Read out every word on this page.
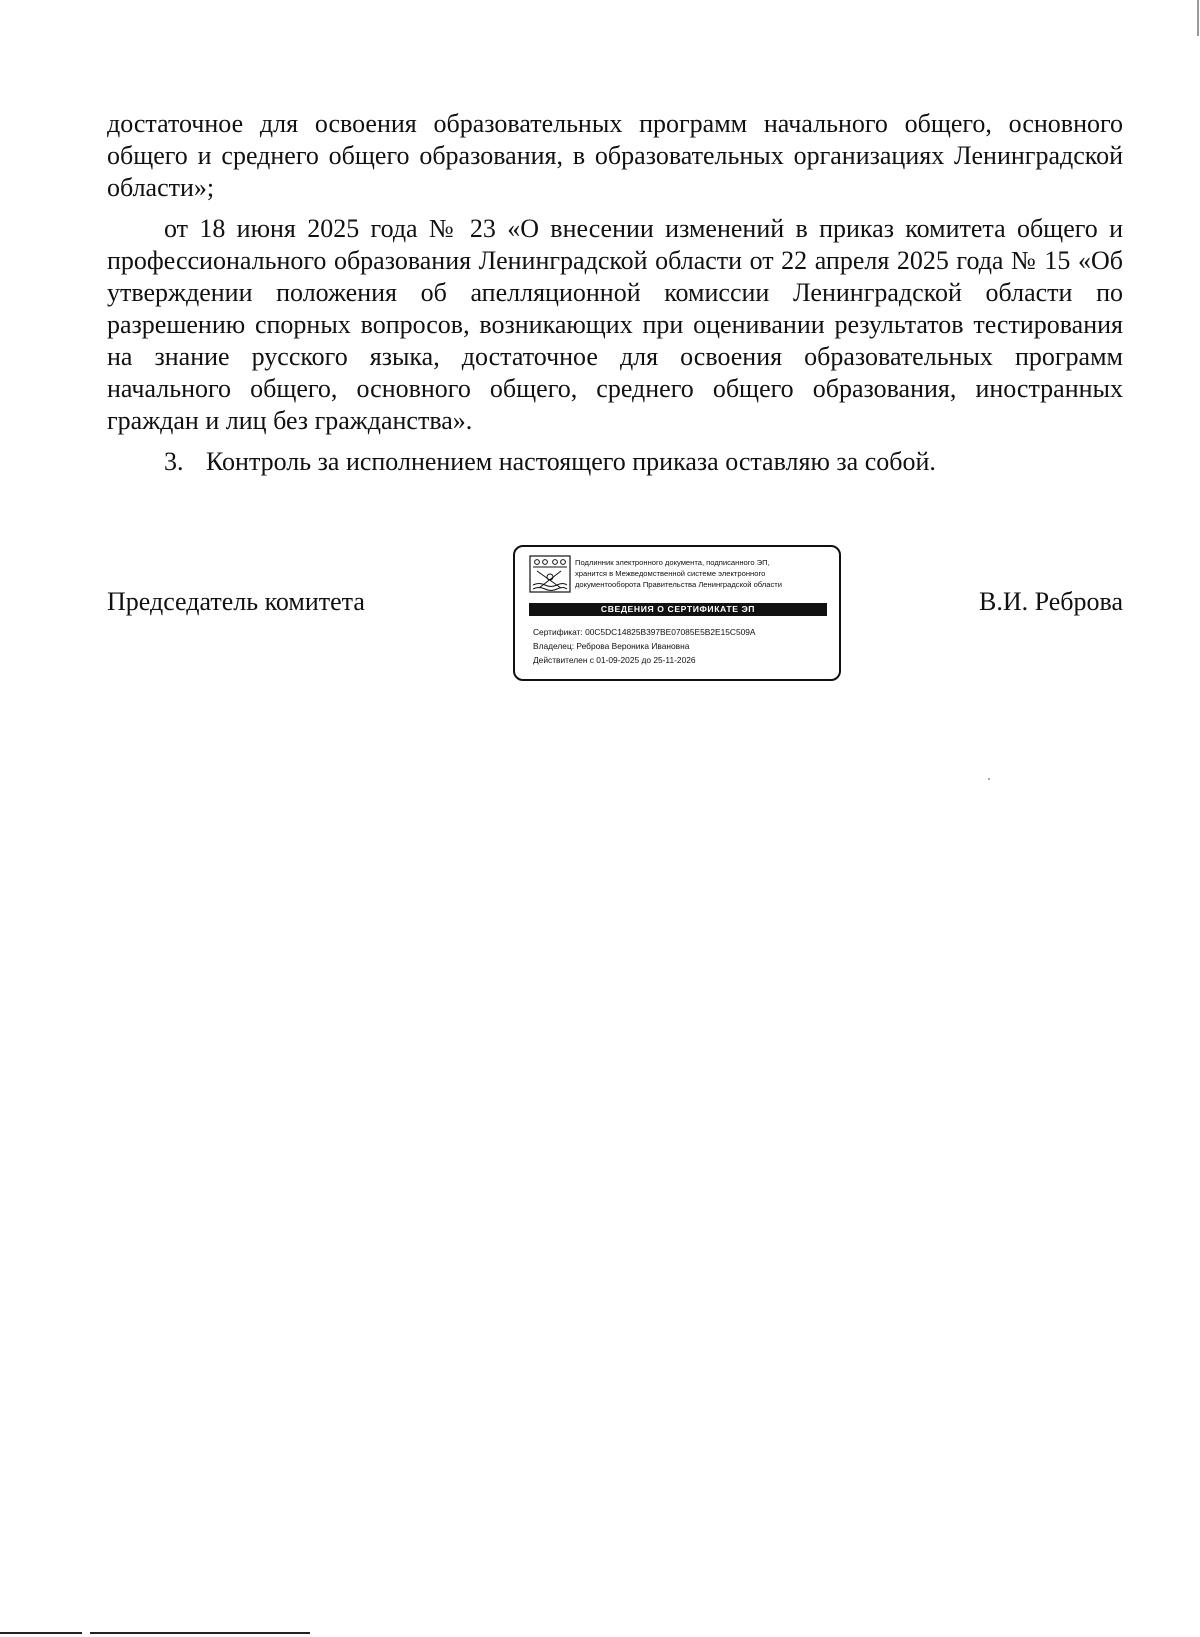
достаточное для освоения образовательных программ начального общего, основного общего и среднего общего образования, в образовательных организациях Ленинградской области»;

от 18 июня 2025 года № 23 «О внесении изменений в приказ комитета общего и профессионального образования Ленинградской области от 22 апреля 2025 года № 15 «Об утверждении положения об апелляционной комиссии Ленинградской области по разрешению спорных вопросов, возникающих при оценивании результатов тестирования на знание русского языка, достаточное для освоения образовательных программ начального общего, основного общего, среднего общего образования, иностранных граждан и лиц без гражданства».

3. Контроль за исполнением настоящего приказа оставляю за собой.

Председатель комитета
Подлинник электронного документа, подписанного ЭП,
хранится в Межведомственной системе электронного
документооборота Правительства Ленинградской области
СВЕДЕНИЯ О СЕРТИФИКАТЕ ЭП
Сертификат: 00C5DC14825B397BE07085E5B2E15C509A
Владелец: Реброва Вероника Ивановна
Действителен с 01-09-2025 до 25-11-2026
В.И. Реброва
